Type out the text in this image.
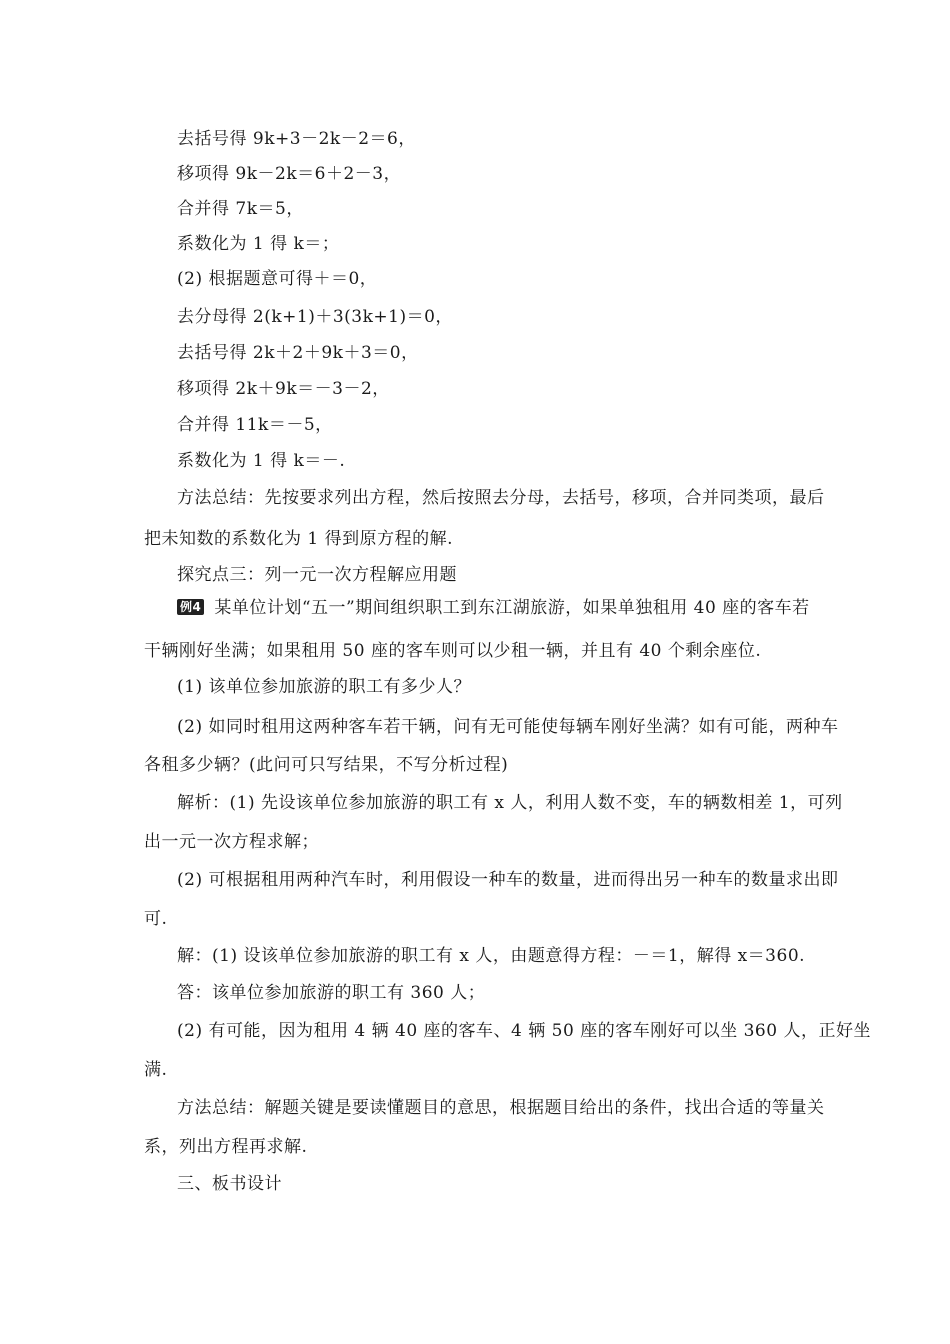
去括号得 9k+3－2k－2＝6，
移项得 9k－2k＝6＋2－3，
合并得 7k＝5，
系数化为 1 得 k＝；
(2) 根据题意可得＋＝0，
去分母得 2(k+1)＋3(3k+1)＝0，
去括号得 2k＋2＋9k＋3＝0，
移项得 2k＋9k＝－3－2，
合并得 11k＝－5，
系数化为 1 得 k＝－.
方法总结：先按要求列出方程，然后按照去分母，去括号，移项，合并同类项，最后
把未知数的系数化为 1 得到原方程的解.
探究点三：列一元一次方程解应用题
例4 某单位计划“五一”期间组织职工到东江湖旅游，如果单独租用 40 座的客车若
干辆刚好坐满；如果租用 50 座的客车则可以少租一辆，并且有 40 个剩余座位.
(1) 该单位参加旅游的职工有多少人？
(2) 如同时租用这两种客车若干辆，问有无可能使每辆车刚好坐满？如有可能，两种车
各租多少辆？(此问可只写结果，不写分析过程)
解析：(1) 先设该单位参加旅游的职工有 x 人，利用人数不变，车的辆数相差 1，可列
出一元一次方程求解；
(2) 可根据租用两种汽车时，利用假设一种车的数量，进而得出另一种车的数量求出即
可.
解：(1) 设该单位参加旅游的职工有 x 人，由题意得方程：－＝1，解得 x＝360.
答：该单位参加旅游的职工有 360 人；
(2) 有可能，因为租用 4 辆 40 座的客车、4 辆 50 座的客车刚好可以坐 360 人，正好坐
满.
方法总结：解题关键是要读懂题目的意思，根据题目给出的条件，找出合适的等量关
系，列出方程再求解.
三、板书设计
